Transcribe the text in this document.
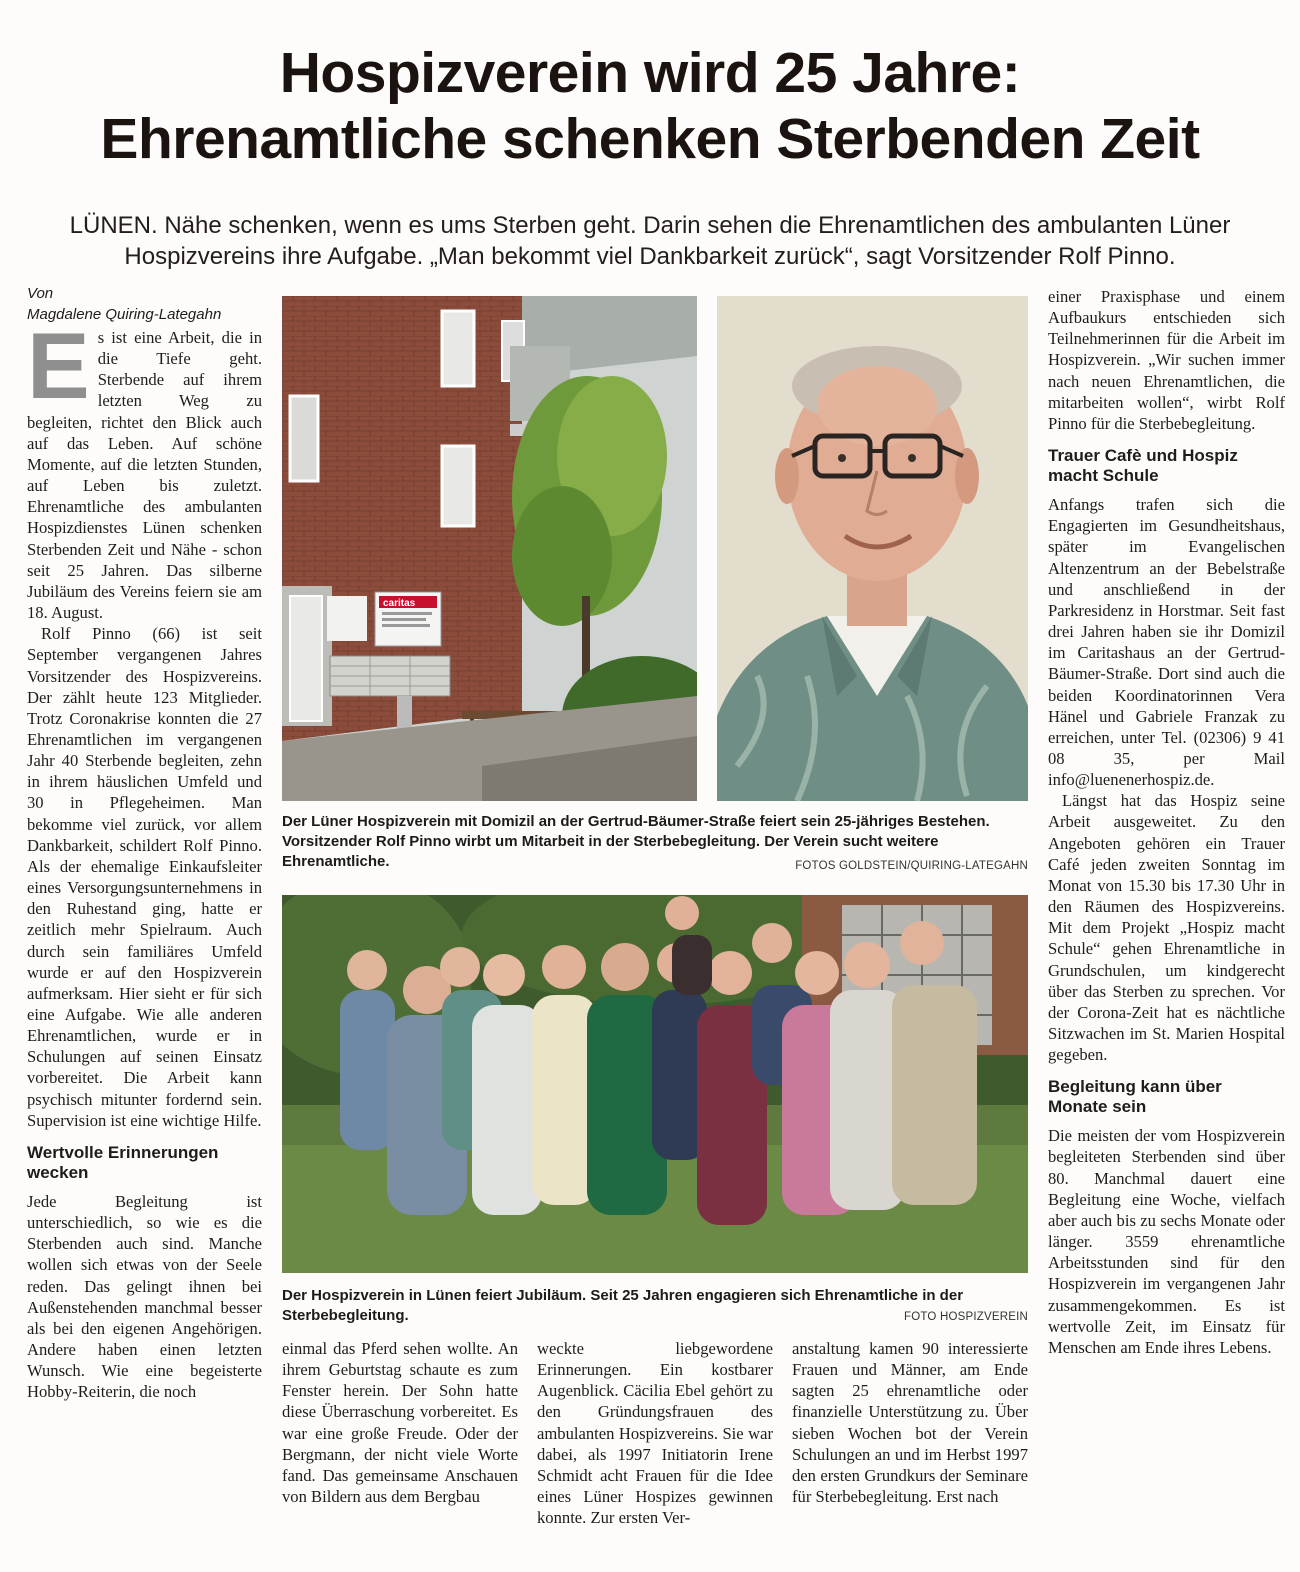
Hospizverein wird 25 Jahre:
Ehrenamtliche schenken Sterbenden Zeit
LÜNEN. Nähe schenken, wenn es ums Sterben geht. Darin sehen die Ehrenamtlichen des ambulanten Lüner
Hospizvereins ihre Aufgabe. „Man bekommt viel Dankbarkeit zurück“, sagt Vorsitzender Rolf Pinno.
Von
Magdalene Quiring-Lategahn

Es ist eine Arbeit, die in die Tiefe geht. Sterbende auf ihrem letzten Weg zu begleiten, richtet den Blick auch auf das Leben. Auf schöne Momente, auf die letzten Stunden, auf Leben bis zuletzt. Ehrenamtliche des ambulanten Hospizdienstes Lünen schenken Sterbenden Zeit und Nähe - schon seit 25 Jahren. Das silberne Jubiläum des Vereins feiern sie am 18. August.

Rolf Pinno (66) ist seit September vergangenen Jahres Vorsitzender des Hospizvereins. Der zählt heute 123 Mitglieder. Trotz Coronakrise konnten die 27 Ehrenamtlichen im vergangenen Jahr 40 Sterbende begleiten, zehn in ihrem häuslichen Umfeld und 30 in Pflegeheimen. Man bekomme viel zurück, vor allem Dankbarkeit, schildert Rolf Pinno. Als der ehemalige Einkaufsleiter eines Versorgungsunternehmens in den Ruhestand ging, hatte er zeitlich mehr Spielraum. Auch durch sein familiäres Umfeld wurde er auf den Hospizverein aufmerksam. Hier sieht er für sich eine Aufgabe. Wie alle anderen Ehrenamtlichen, wurde er in Schulungen auf seinen Einsatz vorbereitet. Die Arbeit kann psychisch mitunter fordernd sein. Supervision ist eine wichtige Hilfe.

Wertvolle Erinnerungen wecken

Jede Begleitung ist unterschiedlich, so wie es die Sterbenden auch sind. Manche wollen sich etwas von der Seele reden. Das gelingt ihnen bei Außenstehenden manchmal besser als bei den eigenen Angehörigen. Andere haben einen letzten Wunsch. Wie eine begeisterte Hobby-Reiterin, die noch

caritas
Der Lüner Hospizverein mit Domizil an der Gertrud-Bäumer-Straße feiert sein 25-jähriges Bestehen. Vorsitzender Rolf Pinno wirbt um Mitarbeit in der Sterbebegleitung. Der Verein sucht weitere Ehrenamtliche.	FOTOS GOLDSTEIN/QUIRING-LATEGAHN
Der Hospizverein in Lünen feiert Jubiläum. Seit 25 Jahren engagieren sich Ehrenamtliche in der Sterbebegleitung.	FOTO HOSPIZVEREIN

einmal das Pferd sehen wollte. An ihrem Geburtstag schaute es zum Fenster herein. Der Sohn hatte diese Überraschung vorbereitet. Es war eine große Freude. Oder der Bergmann, der nicht viele Worte fand. Das gemeinsame Anschauen von Bildern aus dem Bergbau

weckte liebgewordene Erinnerungen. Ein kostbarer Augenblick. Cäcilia Ebel gehört zu den Gründungsfrauen des ambulanten Hospizvereins. Sie war dabei, als 1997 Initiatorin Irene Schmidt acht Frauen für die Idee eines Lüner Hospizes gewinnen konnte. Zur ersten Ver-

anstaltung kamen 90 interessierte Frauen und Männer, am Ende sagten 25 ehrenamtliche oder finanzielle Unterstützung zu. Über sieben Wochen bot der Verein Schulungen an und im Herbst 1997 den ersten Grundkurs der Seminare für Sterbebegleitung. Erst nach

einer Praxisphase und einem Aufbaukurs entschieden sich Teilnehmerinnen für die Arbeit im Hospizverein. „Wir suchen immer nach neuen Ehrenamtlichen, die mitarbeiten wollen“, wirbt Rolf Pinno für die Sterbebegleitung.

Trauer Cafè und Hospiz macht Schule

Anfangs trafen sich die Engagierten im Gesundheitshaus, später im Evangelischen Altenzentrum an der Bebelstraße und anschließend in der Parkresidenz in Horstmar. Seit fast drei Jahren haben sie ihr Domizil im Caritashaus an der Gertrud-Bäumer-Straße. Dort sind auch die beiden Koordinatorinnen Vera Hänel und Gabriele Franzak zu erreichen, unter Tel. (02306) 9 41 08 35, per Mail info@luenenerhospiz.de.

Längst hat das Hospiz seine Arbeit ausgeweitet. Zu den Angeboten gehören ein Trauer Café jeden zweiten Sonntag im Monat von 15.30 bis 17.30 Uhr in den Räumen des Hospizvereins. Mit dem Projekt „Hospiz macht Schule“ gehen Ehrenamtliche in Grundschulen, um kindgerecht über das Sterben zu sprechen. Vor der Corona-Zeit hat es nächtliche Sitzwachen im St. Marien Hospital gegeben.

Begleitung kann über Monate sein

Die meisten der vom Hospizverein begleiteten Sterbenden sind über 80. Manchmal dauert eine Begleitung eine Woche, vielfach aber auch bis zu sechs Monate oder länger. 3559 ehrenamtliche Arbeitsstunden sind für den Hospizverein im vergangenen Jahr zusammengekommen. Es ist wertvolle Zeit, im Einsatz für Menschen am Ende ihres Lebens.
